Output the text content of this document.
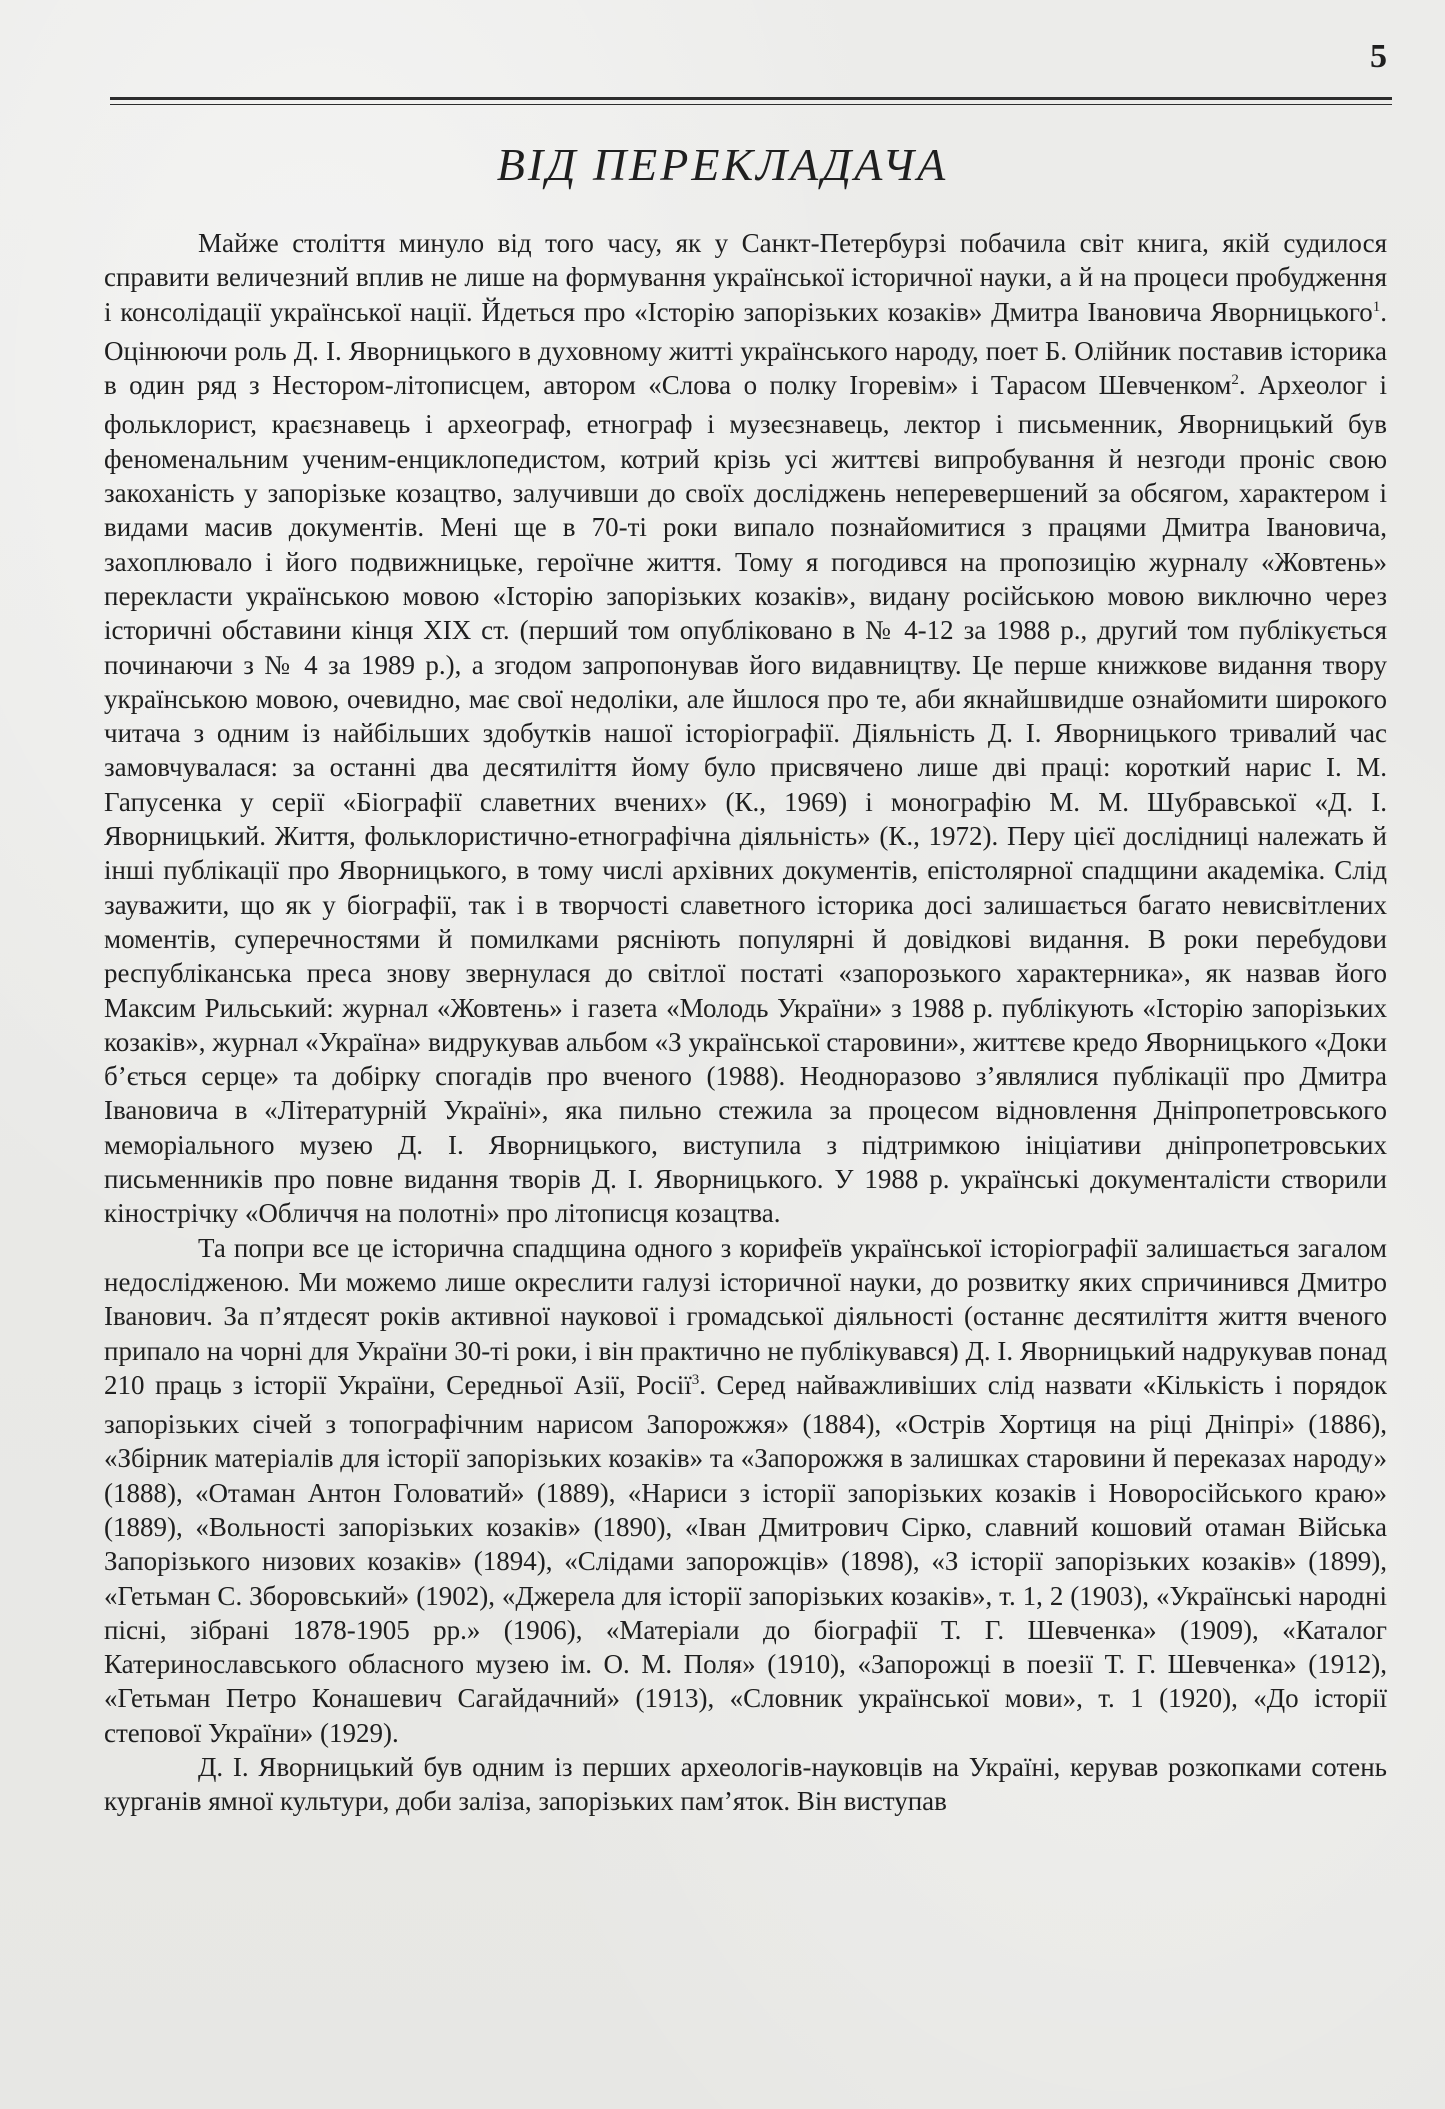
5
ВІД ПЕРЕКЛАДАЧА

Майже століття минуло від того часу, як у Санкт-Петербурзі побачила світ книга, якій судилося справити величезний вплив не лише на формування української історичної науки, а й на процеси пробудження і консолідації української нації. Йдеться про «Історію запорізьких козаків» Дмитра Івановича Яворницького$^1$. Оцінюючи роль Д. І. Яворницького в духовному житті українського народу, поет Б. Олійник поставив історика в один ряд з Нестором-літописцем, автором «Слова о полку Ігоревім» і Тарасом Шевченком$^2$. Археолог і фольклорист, краєзнавець і археограф, етнограф і музеєзнавець, лектор і письменник, Яворницький був феноменальним ученим-енциклопедистом, котрий крізь усі життєві випробування й незгоди проніс свою закоханість у запорізьке козацтво, залучивши до своїх досліджень неперевершений за обсягом, характером і видами масив документів. Мені ще в 70-ті роки випало познайомитися з працями Дмитра Івановича, захоплювало і його подвижницьке, героїчне життя. Тому я погодився на пропозицію журналу «Жовтень» перекласти українською мовою «Історію запорізьких козаків», видану російською мовою виключно через історичні обставини кінця XIX ст. (перший том опубліковано в № 4-12 за 1988 р., другий том публікується починаючи з № 4 за 1989 р.), а згодом запропонував його видавництву. Це перше книжкове видання твору українською мовою, очевидно, має свої недоліки, але йшлося про те, аби якнайшвидше ознайомити широкого читача з одним із найбільших здобутків нашої історіографії. Діяльність Д. І. Яворницького тривалий час замовчувалася: за останні два десятиліття йому було присвячено лише дві праці: короткий нарис І. М. Гапусенка у серії «Біографії славетних вчених» (К., 1969) і монографію М. М. Шубравської «Д. І. Яворницький. Життя, фольклористично-етнографічна діяльність» (К., 1972). Перу цієї дослідниці належать й інші публікації про Яворницького, в тому числі архівних документів, епістолярної спадщини академіка. Слід зауважити, що як у біографії, так і в творчості славетного історика досі залишається багато невисвітлених моментів, суперечностями й помилками рясніють популярні й довідкові видання. В роки перебудови республіканська преса знову звернулася до світлої постаті «запорозького характерника», як назвав його Максим Рильський: журнал «Жовтень» і газета «Молодь України» з 1988 р. публікують «Історію запорізьких козаків», журнал «Україна» видрукував альбом «З української старовини», життєве кредо Яворницького «Доки б’ється серце» та добірку спогадів про вченого (1988). Неодноразово з’являлися публікації про Дмитра Івановича в «Літературній Україні», яка пильно стежила за процесом відновлення Дніпропетровського меморіального музею Д. І. Яворницького, виступила з підтримкою ініціативи дніпропетровських письменників про повне видання творів Д. І. Яворницького. У 1988 р. українські документалісти створили кінострічку «Обличчя на полотні» про літописця козацтва.

Та попри все це історична спадщина одного з корифеїв української історіографії залишається загалом недослідженою. Ми можемо лише окреслити галузі історичної науки, до розвитку яких спричинився Дмитро Іванович. За п’ятдесят років активної наукової і громадської діяльності (останнє десятиліття життя вченого припало на чорні для України 30-ті роки, і він практично не публікувався) Д. І. Яворницький надрукував понад 210 праць з історії України, Середньої Азії, Росії$^3$. Серед найважливіших слід назвати «Кількість і порядок запорізьких січей з топографічним нарисом Запорожжя» (1884), «Острів Хортиця на ріці Дніпрі» (1886), «Збірник матеріалів для історії запорізьких козаків» та «Запорожжя в залишках старовини й переказах народу» (1888), «Отаман Антон Головатий» (1889), «Нариси з історії запорізьких козаків і Новоросійського краю» (1889), «Вольності запорізьких козаків» (1890), «Іван Дмитрович Сірко, славний кошовий отаман Війська Запорізького низових козаків» (1894), «Слідами запорожців» (1898), «З історії запорізьких козаків» (1899), «Гетьман С. Зборовський» (1902), «Джерела для історії запорізьких козаків», т. 1, 2 (1903), «Українські народні пісні, зібрані 1878-1905 рр.» (1906), «Матеріали до біографії Т. Г. Шевченка» (1909), «Каталог Катеринославського обласного музею ім. О. М. Поля» (1910), «Запорожці в поезії Т. Г. Шевченка» (1912), «Гетьман Петро Конашевич Сагайдачний» (1913), «Словник української мови», т. 1 (1920), «До історії степової України» (1929).

Д. І. Яворницький був одним із перших археологів-науковців на Україні, керував розкопками сотень курганів ямної культури, доби заліза, запорізьких пам’яток. Він виступав
